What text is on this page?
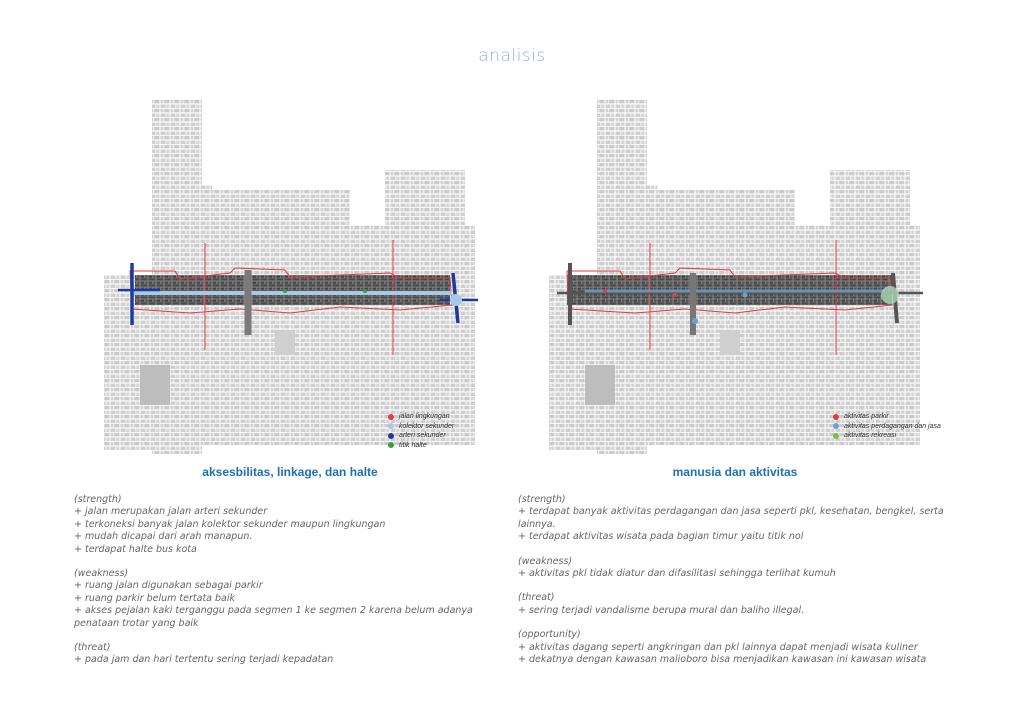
analisis
jalan lingkungan
kolektor sekunder
arteri sekunder
titik halte
aktivitas parkir
aktivitas perdagangan dan jasa
aktivitas rekreasi
aksesbilitas, linkage, dan halte	manusia dan aktivitas
(strength)
+ jalan merupakan jalan arteri sekunder
+ terkoneksi banyak jalan kolektor sekunder maupun lingkungan
+ mudah dicapai dari arah manapun.
+ terdapat halte bus kota
(weakness)
+ ruang jalan digunakan sebagai parkir
+ ruang parkir belum tertata baik
+ akses pejalan kaki terganggu pada segmen 1 ke segmen 2 karena belum adanya penataan trotar yang baik
(threat)
+ pada jam dan hari tertentu sering terjadi kepadatan
(strength)
+ terdapat banyak aktivitas perdagangan dan jasa seperti pkl, kesehatan, bengkel, serta lainnya.
+ terdapat aktivitas wisata pada bagian timur yaitu titik nol
(weakness)
+ aktivitas pkl tidak diatur dan difasilitasi sehingga terlihat kumuh
(threat)
+ sering terjadi vandalisme berupa mural dan baliho illegal.
(opportunity)
+ aktivitas dagang seperti angkringan dan pkl lainnya dapat menjadi wisata kuliner
+ dekatnya dengan kawasan malioboro bisa menjadikan kawasan ini kawasan wisata
